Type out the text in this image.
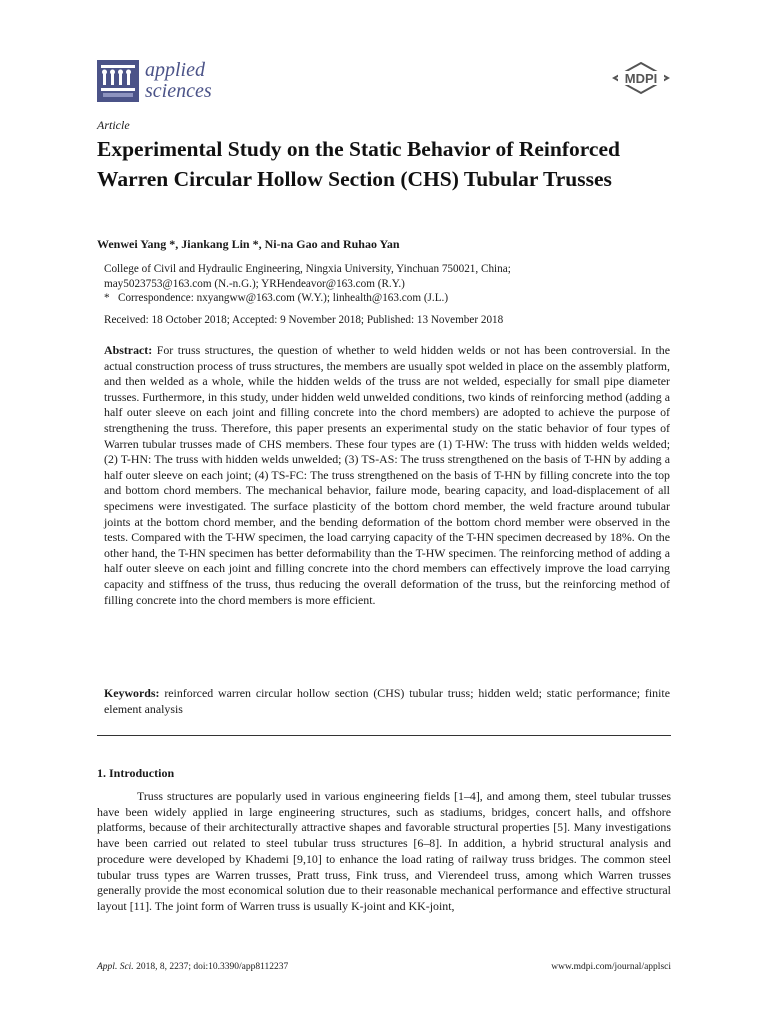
applied
sciences
MDPI
Article
Experimental Study on the Static Behavior of Reinforced Warren Circular Hollow Section (CHS) Tubular Trusses

Wenwei Yang *, Jiankang Lin *, Ni-na Gao and Ruhao Yan

College of Civil and Hydraulic Engineering, Ningxia University, Yinchuan 750021, China;
may5023753@163.com (N.-n.G.); YRHendeavor@163.com (R.Y.)
* Correspondence: nxyangww@163.com (W.Y.); linhealth@163.com (J.L.)

Received: 18 October 2018; Accepted: 9 November 2018; Published: 13 November 2018

Abstract: For truss structures, the question of whether to weld hidden welds or not has been controversial. In the actual construction process of truss structures, the members are usually spot welded in place on the assembly platform, and then welded as a whole, while the hidden welds of the truss are not welded, especially for small pipe diameter trusses. Furthermore, in this study, under hidden weld unwelded conditions, two kinds of reinforcing method (adding a half outer sleeve on each joint and filling concrete into the chord members) are adopted to achieve the purpose of strengthening the truss. Therefore, this paper presents an experimental study on the static behavior of four types of Warren tubular trusses made of CHS members. These four types are (1) T-HW: The truss with hidden welds welded; (2) T-HN: The truss with hidden welds unwelded; (3) TS-AS: The truss strengthened on the basis of T-HN by adding a half outer sleeve on each joint; (4) TS-FC: The truss strengthened on the basis of T-HN by filling concrete into the top and bottom chord members. The mechanical behavior, failure mode, bearing capacity, and load-displacement of all specimens were investigated. The surface plasticity of the bottom chord member, the weld fracture around tubular joints at the bottom chord member, and the bending deformation of the bottom chord member were observed in the tests. Compared with the T-HW specimen, the load carrying capacity of the T-HN specimen decreased by 18%. On the other hand, the T-HN specimen has better deformability than the T-HW specimen. The reinforcing method of adding a half outer sleeve on each joint and filling concrete into the chord members can effectively improve the load carrying capacity and stiffness of the truss, thus reducing the overall deformation of the truss, but the reinforcing method of filling concrete into the chord members is more efficient.

Keywords: reinforced warren circular hollow section (CHS) tubular truss; hidden weld; static performance; finite element analysis

1. Introduction

Truss structures are popularly used in various engineering fields [1–4], and among them, steel tubular trusses have been widely applied in large engineering structures, such as stadiums, bridges, concert halls, and offshore platforms, because of their architecturally attractive shapes and favorable structural properties [5]. Many investigations have been carried out related to steel tubular truss structures [6–8]. In addition, a hybrid structural analysis and procedure were developed by Khademi [9,10] to enhance the load rating of railway truss bridges. The common steel tubular truss types are Warren trusses, Pratt truss, Fink truss, and Vierendeel truss, among which Warren trusses generally provide the most economical solution due to their reasonable mechanical performance and effective structural layout [11]. The joint form of Warren truss is usually K-joint and KK-joint,

Appl. Sci. 2018, 8, 2237; doi:10.3390/app8112237	www.mdpi.com/journal/applsci
